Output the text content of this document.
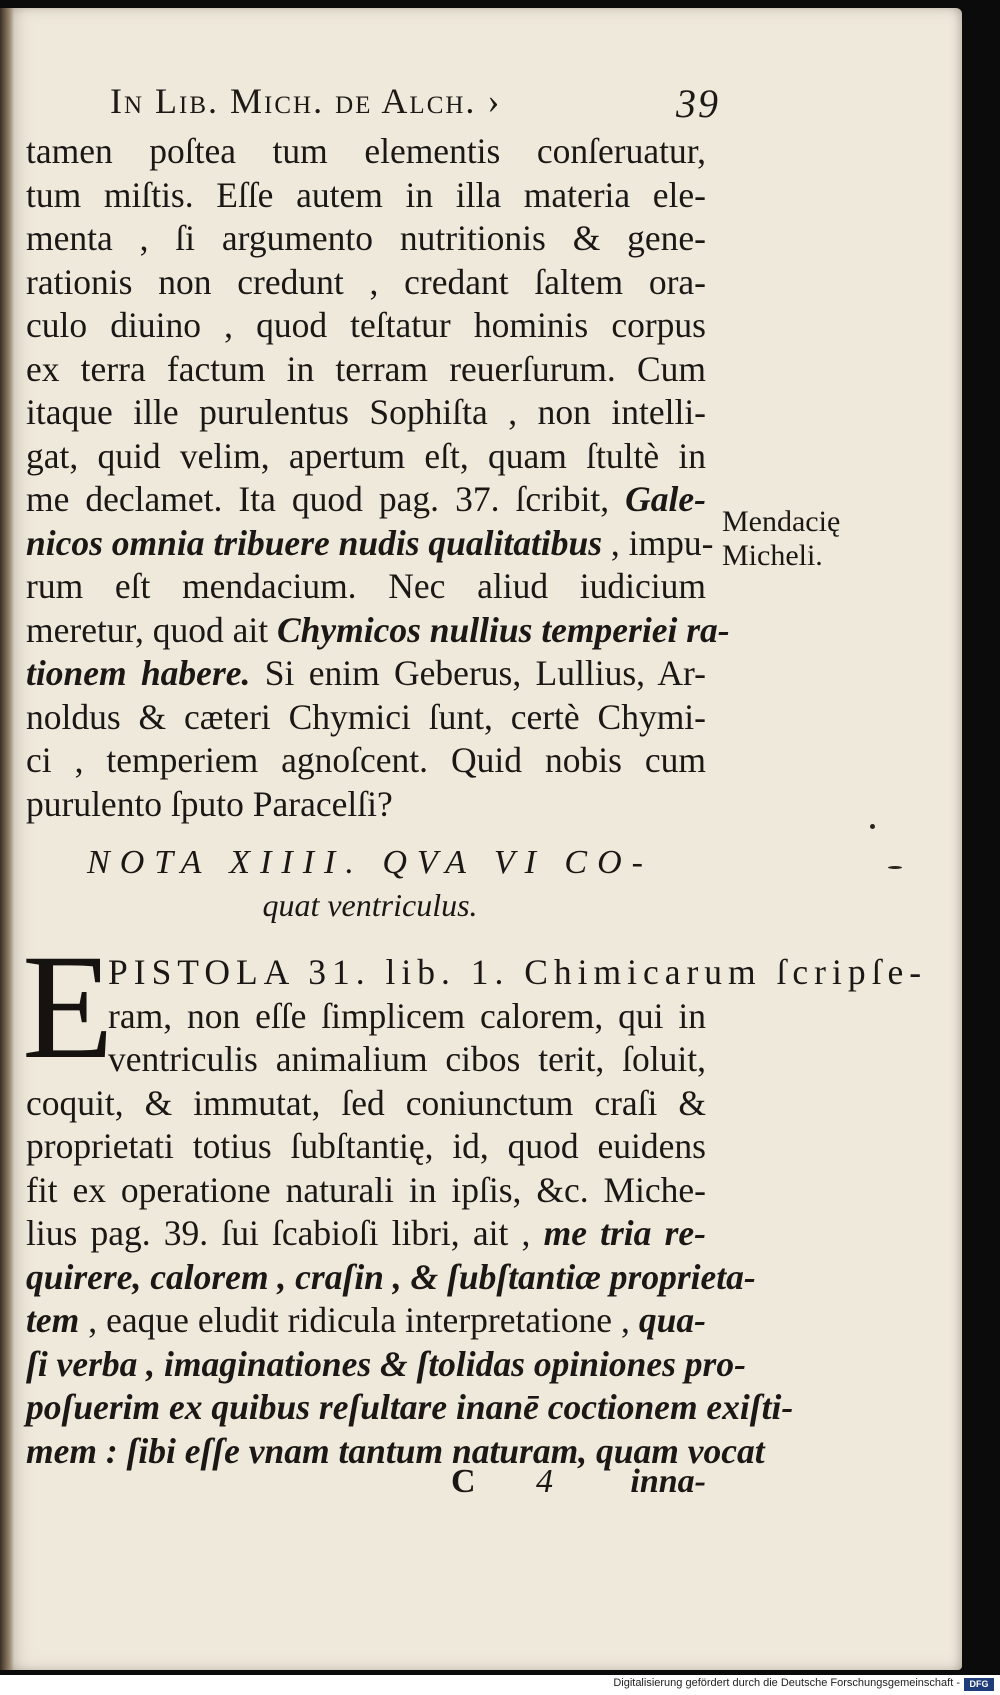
In Lib. Mich. de Alch. ›	39
tamen poſtea tum elementis conſeruatur,
tum miſtis. Eſſe autem in illa materia ele-
menta , ſi argumento nutritionis & gene-
rationis non credunt , credant ſaltem ora-
culo diuino , quod teſtatur hominis corpus
ex terra factum in terram reuerſurum. Cum
itaque ille purulentus Sophiſta , non intelli-
gat, quid velim, apertum eſt, quam ſtultè in
me declamet. Ita quod pag. 37. ſcribit, Gale-
nicos omnia tribuere nudis qualitatibus , impu-
rum eſt mendacium. Nec aliud iudicium
meretur, quod ait Chymicos nullius temperiei ra-
tionem habere. Si enim Geberus, Lullius, Ar-
noldus & cæteri Chymici ſunt, certè Chymi-
ci , temperiem agnoſcent. Quid nobis cum
purulento ſputo Paracelſi?
Mendacię
Micheli.
NOTA XIIII. QVA VI CO-
quat ventriculus.
E
PISTOLA 31. lib. 1. Chimicarum ſcripſe-
ram, non eſſe ſimplicem calorem, qui in
ventriculis animalium cibos terit, ſoluit,
coquit, & immutat, ſed coniunctum craſi &
proprietati totius ſubſtantię, id, quod euidens
fit ex operatione naturali in ipſis, &c. Miche-
lius pag. 39. ſui ſcabioſi libri, ait , me tria re-
quirere, calorem , craſin , & ſubſtantiæ proprieta-
tem , eaque eludit ridicula interpretatione , qua-
ſi verba , imaginationes & ſtolidas opiniones pro-
poſuerim ex quibus reſultare inanē coctionem exiſti-
mem : ſibi eſſe vnam tantum naturam, quam vocat
C 4 inna-
Digitalisierung gefördert durch die Deutsche Forschungsgemeinschaft -	DFG
